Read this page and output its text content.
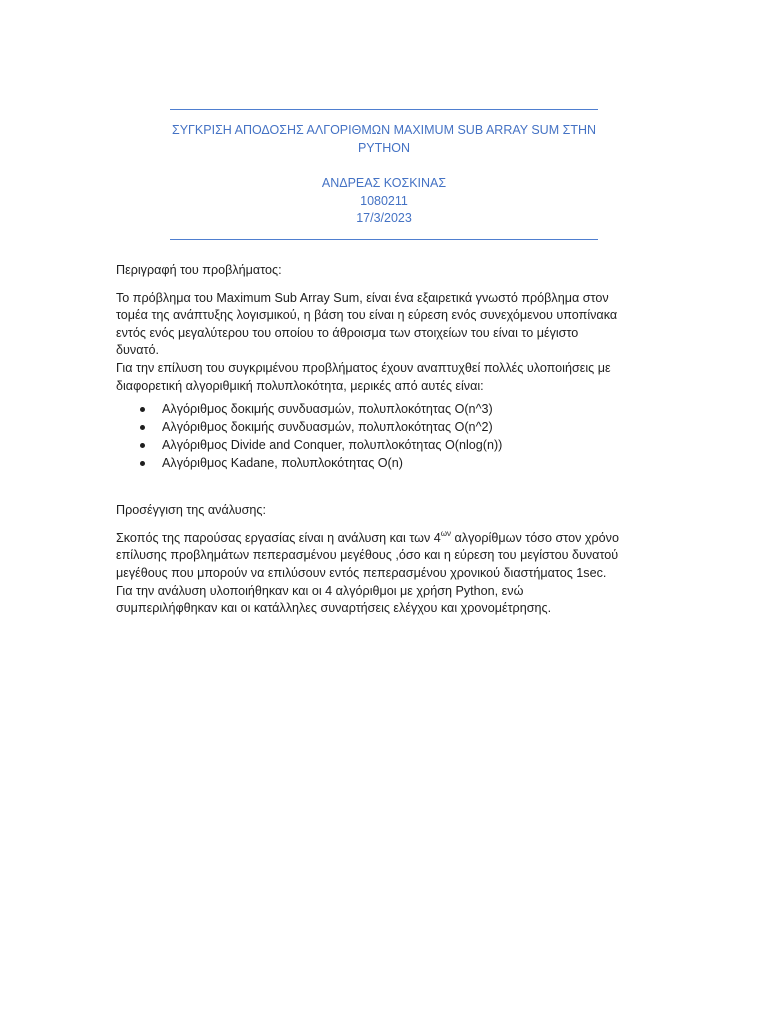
ΣΥΓΚΡΙΣΗ ΑΠΟΔΟΣΗΣ ΑΛΓΟΡΙΘΜΩΝ MAXIMUM SUB ARRAY SUM ΣΤΗΝ
PYTHON
ΑΝΔΡΕΑΣ ΚΟΣΚΙΝΑΣ
1080211
17/3/2023

Περιγραφή του προβλήματος:

Το πρόβλημα του Maximum Sub Array Sum, είναι ένα εξαιρετικά γνωστό πρόβλημα στον

τομέα της ανάπτυξης λογισμικού, η βάση του είναι η εύρεση ενός συνεχόμενου υποπίνακα

εντός ενός μεγαλύτερου του οποίου το άθροισμα των στοιχείων του είναι το μέγιστο

δυνατό.

Για την επίλυση του συγκριμένου προβλήματος έχουν αναπτυχθεί πολλές υλοποιήσεις με

διαφορετική αλγοριθμική πολυπλοκότητα, μερικές από αυτές είναι:

Αλγόριθμος δοκιμής συνδυασμών, πολυπλοκότητας O(n^3)
Αλγόριθμος δοκιμής συνδυασμών, πολυπλοκότητας O(n^2)
Αλγόριθμος Divide and Conquer, πολυπλοκότητας O(nlog(n))
Αλγόριθμος Kadane, πολυπλοκότητας O(n)

Προσέγγιση της ανάλυσης:

Σκοπός της παρούσας εργασίας είναι η ανάλυση και των $4^{\omega\nu}$ αλγορίθμων τόσο στον χρόνο

επίλυσης προβλημάτων πεπερασμένου μεγέθους ,όσο και η εύρεση του μεγίστου δυνατού

μεγέθους που μπορούν να επιλύσουν εντός πεπερασμένου χρονικού διαστήματος 1sec.

Για την ανάλυση υλοποιήθηκαν και οι 4 αλγόριθμοι με χρήση Python, ενώ

συμπεριλήφθηκαν και οι κατάλληλες συναρτήσεις ελέγχου και χρονομέτρησης.
